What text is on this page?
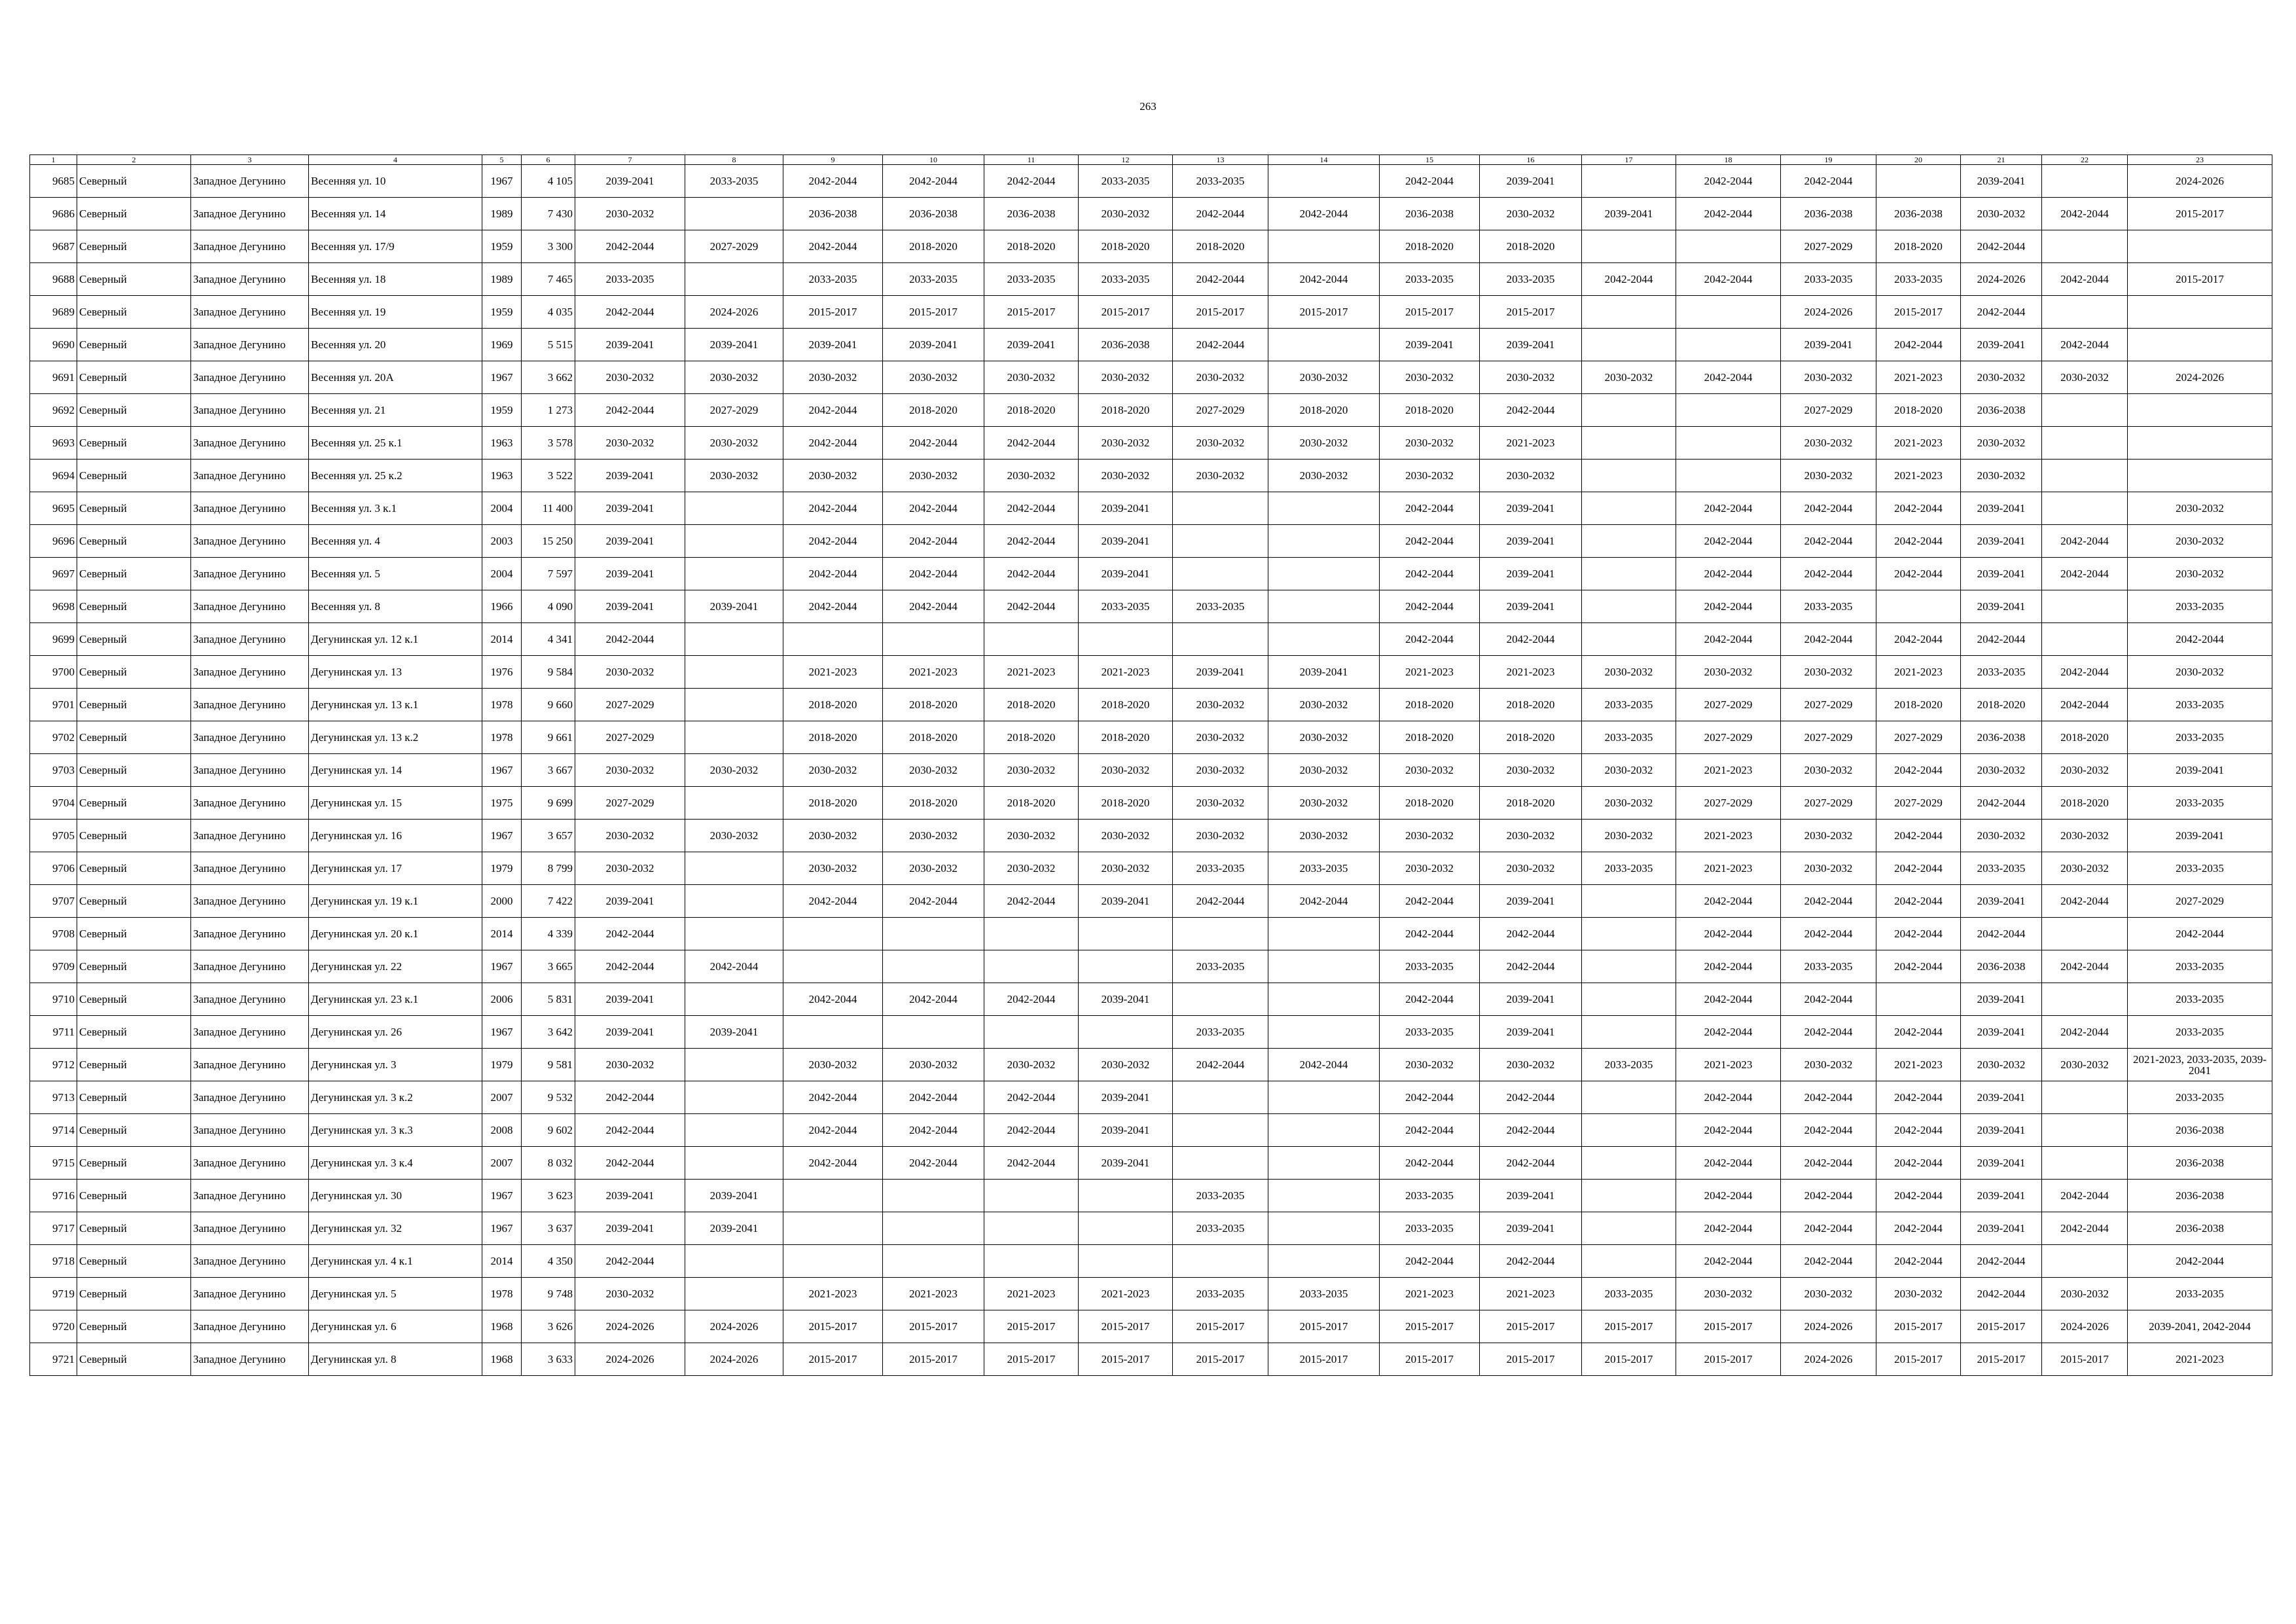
263
1	2	3	4	5	6	7	8	9	10	11	12	13	14	15	16	17	18	19	20	21	22	23
9685	Северный	Западное Дегунино	Весенняя ул. 10	1967	4 105	2039-2041	2033-2035	2042-2044	2042-2044	2042-2044	2033-2035	2033-2035		2042-2044	2039-2041		2042-2044	2042-2044		2039-2041		2024-2026
9686	Северный	Западное Дегунино	Весенняя ул. 14	1989	7 430	2030-2032		2036-2038	2036-2038	2036-2038	2030-2032	2042-2044	2042-2044	2036-2038	2030-2032	2039-2041	2042-2044	2036-2038	2036-2038	2030-2032	2042-2044	2015-2017
9687	Северный	Западное Дегунино	Весенняя ул. 17/9	1959	3 300	2042-2044	2027-2029	2042-2044	2018-2020	2018-2020	2018-2020	2018-2020		2018-2020	2018-2020			2027-2029	2018-2020	2042-2044		
9688	Северный	Западное Дегунино	Весенняя ул. 18	1989	7 465	2033-2035		2033-2035	2033-2035	2033-2035	2033-2035	2042-2044	2042-2044	2033-2035	2033-2035	2042-2044	2042-2044	2033-2035	2033-2035	2024-2026	2042-2044	2015-2017
9689	Северный	Западное Дегунино	Весенняя ул. 19	1959	4 035	2042-2044	2024-2026	2015-2017	2015-2017	2015-2017	2015-2017	2015-2017	2015-2017	2015-2017	2015-2017			2024-2026	2015-2017	2042-2044		
9690	Северный	Западное Дегунино	Весенняя ул. 20	1969	5 515	2039-2041	2039-2041	2039-2041	2039-2041	2039-2041	2036-2038	2042-2044		2039-2041	2039-2041			2039-2041	2042-2044	2039-2041	2042-2044	
9691	Северный	Западное Дегунино	Весенняя ул. 20А	1967	3 662	2030-2032	2030-2032	2030-2032	2030-2032	2030-2032	2030-2032	2030-2032	2030-2032	2030-2032	2030-2032	2030-2032	2042-2044	2030-2032	2021-2023	2030-2032	2030-2032	2024-2026
9692	Северный	Западное Дегунино	Весенняя ул. 21	1959	1 273	2042-2044	2027-2029	2042-2044	2018-2020	2018-2020	2018-2020	2027-2029	2018-2020	2018-2020	2042-2044			2027-2029	2018-2020	2036-2038		
9693	Северный	Западное Дегунино	Весенняя ул. 25 к.1	1963	3 578	2030-2032	2030-2032	2042-2044	2042-2044	2042-2044	2030-2032	2030-2032	2030-2032	2030-2032	2021-2023			2030-2032	2021-2023	2030-2032		
9694	Северный	Западное Дегунино	Весенняя ул. 25 к.2	1963	3 522	2039-2041	2030-2032	2030-2032	2030-2032	2030-2032	2030-2032	2030-2032	2030-2032	2030-2032	2030-2032			2030-2032	2021-2023	2030-2032		
9695	Северный	Западное Дегунино	Весенняя ул. 3 к.1	2004	11 400	2039-2041		2042-2044	2042-2044	2042-2044	2039-2041			2042-2044	2039-2041		2042-2044	2042-2044	2042-2044	2039-2041		2030-2032
9696	Северный	Западное Дегунино	Весенняя ул. 4	2003	15 250	2039-2041		2042-2044	2042-2044	2042-2044	2039-2041			2042-2044	2039-2041		2042-2044	2042-2044	2042-2044	2039-2041	2042-2044	2030-2032
9697	Северный	Западное Дегунино	Весенняя ул. 5	2004	7 597	2039-2041		2042-2044	2042-2044	2042-2044	2039-2041			2042-2044	2039-2041		2042-2044	2042-2044	2042-2044	2039-2041	2042-2044	2030-2032
9698	Северный	Западное Дегунино	Весенняя ул. 8	1966	4 090	2039-2041	2039-2041	2042-2044	2042-2044	2042-2044	2033-2035	2033-2035		2042-2044	2039-2041		2042-2044	2033-2035		2039-2041		2033-2035
9699	Северный	Западное Дегунино	Дегунинская ул. 12 к.1	2014	4 341	2042-2044								2042-2044	2042-2044		2042-2044	2042-2044	2042-2044	2042-2044		2042-2044
9700	Северный	Западное Дегунино	Дегунинская ул. 13	1976	9 584	2030-2032		2021-2023	2021-2023	2021-2023	2021-2023	2039-2041	2039-2041	2021-2023	2021-2023	2030-2032	2030-2032	2030-2032	2021-2023	2033-2035	2042-2044	2030-2032
9701	Северный	Западное Дегунино	Дегунинская ул. 13 к.1	1978	9 660	2027-2029		2018-2020	2018-2020	2018-2020	2018-2020	2030-2032	2030-2032	2018-2020	2018-2020	2033-2035	2027-2029	2027-2029	2018-2020	2018-2020	2042-2044	2033-2035
9702	Северный	Западное Дегунино	Дегунинская ул. 13 к.2	1978	9 661	2027-2029		2018-2020	2018-2020	2018-2020	2018-2020	2030-2032	2030-2032	2018-2020	2018-2020	2033-2035	2027-2029	2027-2029	2027-2029	2036-2038	2018-2020	2033-2035
9703	Северный	Западное Дегунино	Дегунинская ул. 14	1967	3 667	2030-2032	2030-2032	2030-2032	2030-2032	2030-2032	2030-2032	2030-2032	2030-2032	2030-2032	2030-2032	2030-2032	2021-2023	2030-2032	2042-2044	2030-2032	2030-2032	2039-2041
9704	Северный	Западное Дегунино	Дегунинская ул. 15	1975	9 699	2027-2029		2018-2020	2018-2020	2018-2020	2018-2020	2030-2032	2030-2032	2018-2020	2018-2020	2030-2032	2027-2029	2027-2029	2027-2029	2042-2044	2018-2020	2033-2035
9705	Северный	Западное Дегунино	Дегунинская ул. 16	1967	3 657	2030-2032	2030-2032	2030-2032	2030-2032	2030-2032	2030-2032	2030-2032	2030-2032	2030-2032	2030-2032	2030-2032	2021-2023	2030-2032	2042-2044	2030-2032	2030-2032	2039-2041
9706	Северный	Западное Дегунино	Дегунинская ул. 17	1979	8 799	2030-2032		2030-2032	2030-2032	2030-2032	2030-2032	2033-2035	2033-2035	2030-2032	2030-2032	2033-2035	2021-2023	2030-2032	2042-2044	2033-2035	2030-2032	2033-2035
9707	Северный	Западное Дегунино	Дегунинская ул. 19 к.1	2000	7 422	2039-2041		2042-2044	2042-2044	2042-2044	2039-2041	2042-2044	2042-2044	2042-2044	2039-2041		2042-2044	2042-2044	2042-2044	2039-2041	2042-2044	2027-2029
9708	Северный	Западное Дегунино	Дегунинская ул. 20 к.1	2014	4 339	2042-2044								2042-2044	2042-2044		2042-2044	2042-2044	2042-2044	2042-2044		2042-2044
9709	Северный	Западное Дегунино	Дегунинская ул. 22	1967	3 665	2042-2044	2042-2044					2033-2035		2033-2035	2042-2044		2042-2044	2033-2035	2042-2044	2036-2038	2042-2044	2033-2035
9710	Северный	Западное Дегунино	Дегунинская ул. 23 к.1	2006	5 831	2039-2041		2042-2044	2042-2044	2042-2044	2039-2041			2042-2044	2039-2041		2042-2044	2042-2044		2039-2041		2033-2035
9711	Северный	Западное Дегунино	Дегунинская ул. 26	1967	3 642	2039-2041	2039-2041					2033-2035		2033-2035	2039-2041		2042-2044	2042-2044	2042-2044	2039-2041	2042-2044	2033-2035
9712	Северный	Западное Дегунино	Дегунинская ул. 3	1979	9 581	2030-2032		2030-2032	2030-2032	2030-2032	2030-2032	2042-2044	2042-2044	2030-2032	2030-2032	2033-2035	2021-2023	2030-2032	2021-2023	2030-2032	2030-2032	2021-2023, 2033-2035, 2039-2041
9713	Северный	Западное Дегунино	Дегунинская ул. 3 к.2	2007	9 532	2042-2044		2042-2044	2042-2044	2042-2044	2039-2041			2042-2044	2042-2044		2042-2044	2042-2044	2042-2044	2039-2041		2033-2035
9714	Северный	Западное Дегунино	Дегунинская ул. 3 к.3	2008	9 602	2042-2044		2042-2044	2042-2044	2042-2044	2039-2041			2042-2044	2042-2044		2042-2044	2042-2044	2042-2044	2039-2041		2036-2038
9715	Северный	Западное Дегунино	Дегунинская ул. 3 к.4	2007	8 032	2042-2044		2042-2044	2042-2044	2042-2044	2039-2041			2042-2044	2042-2044		2042-2044	2042-2044	2042-2044	2039-2041		2036-2038
9716	Северный	Западное Дегунино	Дегунинская ул. 30	1967	3 623	2039-2041	2039-2041					2033-2035		2033-2035	2039-2041		2042-2044	2042-2044	2042-2044	2039-2041	2042-2044	2036-2038
9717	Северный	Западное Дегунино	Дегунинская ул. 32	1967	3 637	2039-2041	2039-2041					2033-2035		2033-2035	2039-2041		2042-2044	2042-2044	2042-2044	2039-2041	2042-2044	2036-2038
9718	Северный	Западное Дегунино	Дегунинская ул. 4 к.1	2014	4 350	2042-2044								2042-2044	2042-2044		2042-2044	2042-2044	2042-2044	2042-2044		2042-2044
9719	Северный	Западное Дегунино	Дегунинская ул. 5	1978	9 748	2030-2032		2021-2023	2021-2023	2021-2023	2021-2023	2033-2035	2033-2035	2021-2023	2021-2023	2033-2035	2030-2032	2030-2032	2030-2032	2042-2044	2030-2032	2033-2035
9720	Северный	Западное Дегунино	Дегунинская ул. 6	1968	3 626	2024-2026	2024-2026	2015-2017	2015-2017	2015-2017	2015-2017	2015-2017	2015-2017	2015-2017	2015-2017	2015-2017	2015-2017	2024-2026	2015-2017	2015-2017	2024-2026	2039-2041, 2042-2044
9721	Северный	Западное Дегунино	Дегунинская ул. 8	1968	3 633	2024-2026	2024-2026	2015-2017	2015-2017	2015-2017	2015-2017	2015-2017	2015-2017	2015-2017	2015-2017	2015-2017	2015-2017	2024-2026	2015-2017	2015-2017	2015-2017	2021-2023
